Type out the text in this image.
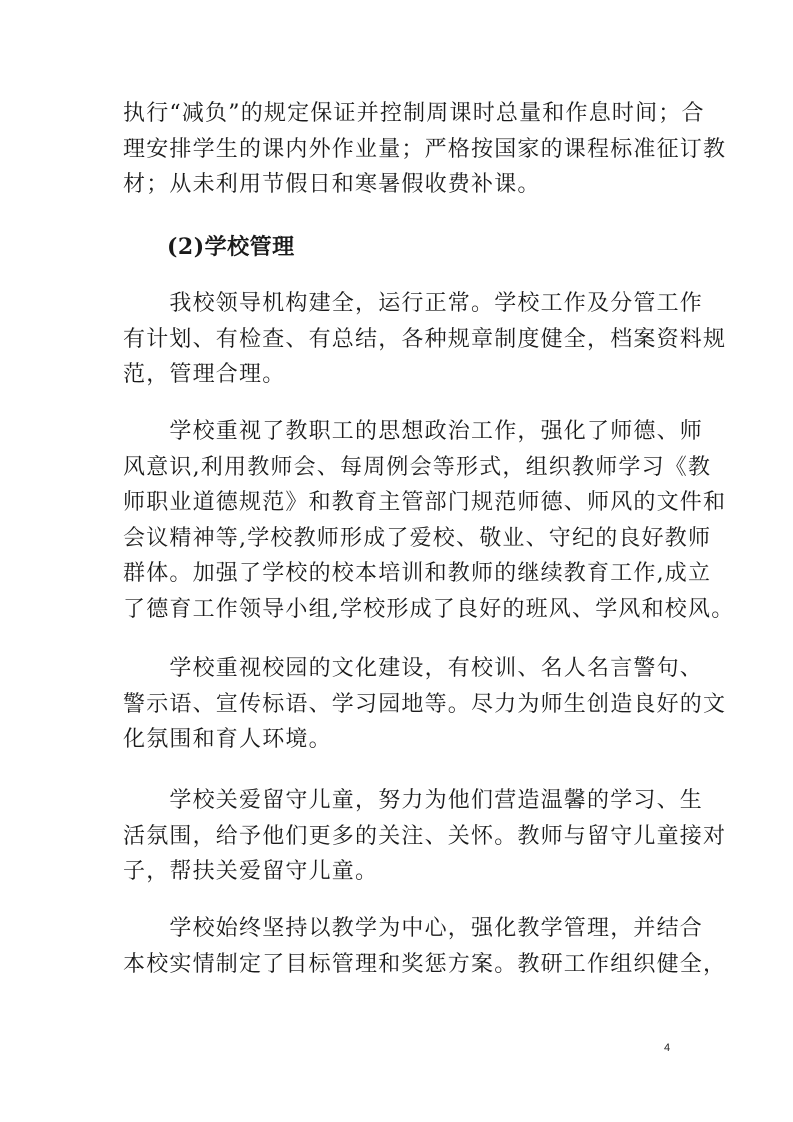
执行“减负”的规定保证并控制周课时总量和作息时间；合
理安排学生的课内外作业量；严格按国家的课程标准征订教
材；从未利用节假日和寒暑假收费补课。

(2)学校管理

　　我校领导机构建全，运行正常。学校工作及分管工作
有计划、有检查、有总结，各种规章制度健全，档案资料规
范，管理合理。

　　学校重视了教职工的思想政治工作，强化了师德、师
风意识,利用教师会、每周例会等形式，组织教师学习《教
师职业道德规范》和教育主管部门规范师德、师风的文件和
会议精神等,学校教师形成了爱校、敬业、守纪的良好教师
群体。加强了学校的校本培训和教师的继续教育工作,成立
了德育工作领导小组,学校形成了良好的班风、学风和校风。

　　学校重视校园的文化建设，有校训、名人名言警句、
警示语、宣传标语、学习园地等。尽力为师生创造良好的文
化氛围和育人环境。

　　学校关爱留守儿童，努力为他们营造温馨的学习、生
活氛围，给予他们更多的关注、关怀。教师与留守儿童接对
子，帮扶关爱留守儿童。

　　学校始终坚持以教学为中心，强化教学管理，并结合
本校实情制定了目标管理和奖惩方案。教研工作组织健全，

4
